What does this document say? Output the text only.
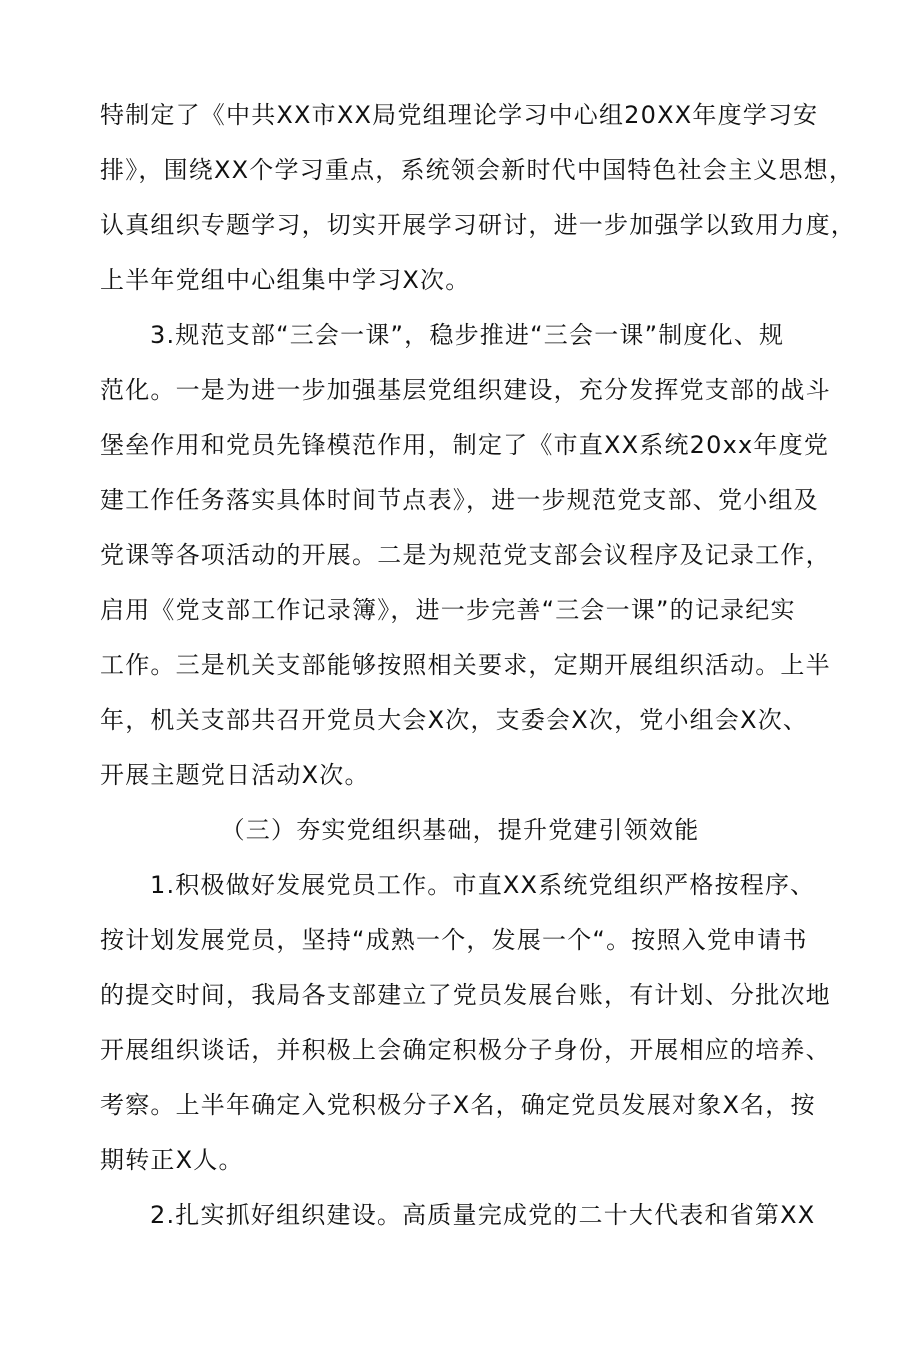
特制定了《中共XX市XX局党组理论学习中心组20XX年度学习安
排》，围绕XX个学习重点，系统领会新时代中国特色社会主义思想，
认真组织专题学习，切实开展学习研讨，进一步加强学以致用力度，
上半年党组中心组集中学习X次。
3.规范支部“三会一课”，稳步推进“三会一课”制度化、规
范化。一是为进一步加强基层党组织建设，充分发挥党支部的战斗
堡垒作用和党员先锋模范作用，制定了《市直XX系统20xx年度党
建工作任务落实具体时间节点表》，进一步规范党支部、党小组及
党课等各项活动的开展。二是为规范党支部会议程序及记录工作，
启用《党支部工作记录簿》，进一步完善“三会一课”的记录纪实
工作。三是机关支部能够按照相关要求，定期开展组织活动。上半
年，机关支部共召开党员大会X次，支委会X次，党小组会X次、
开展主题党日活动X次。
（三）夯实党组织基础，提升党建引领效能
1.积极做好发展党员工作。市直XX系统党组织严格按程序、
按计划发展党员，坚持“成熟一个，发展一个“。按照入党申请书
的提交时间，我局各支部建立了党员发展台账，有计划、分批次地
开展组织谈话，并积极上会确定积极分子身份，开展相应的培养、
考察。上半年确定入党积极分子X名，确定党员发展对象X名，按
期转正X人。
2.扎实抓好组织建设。高质量完成党的二十大代表和省第XX
